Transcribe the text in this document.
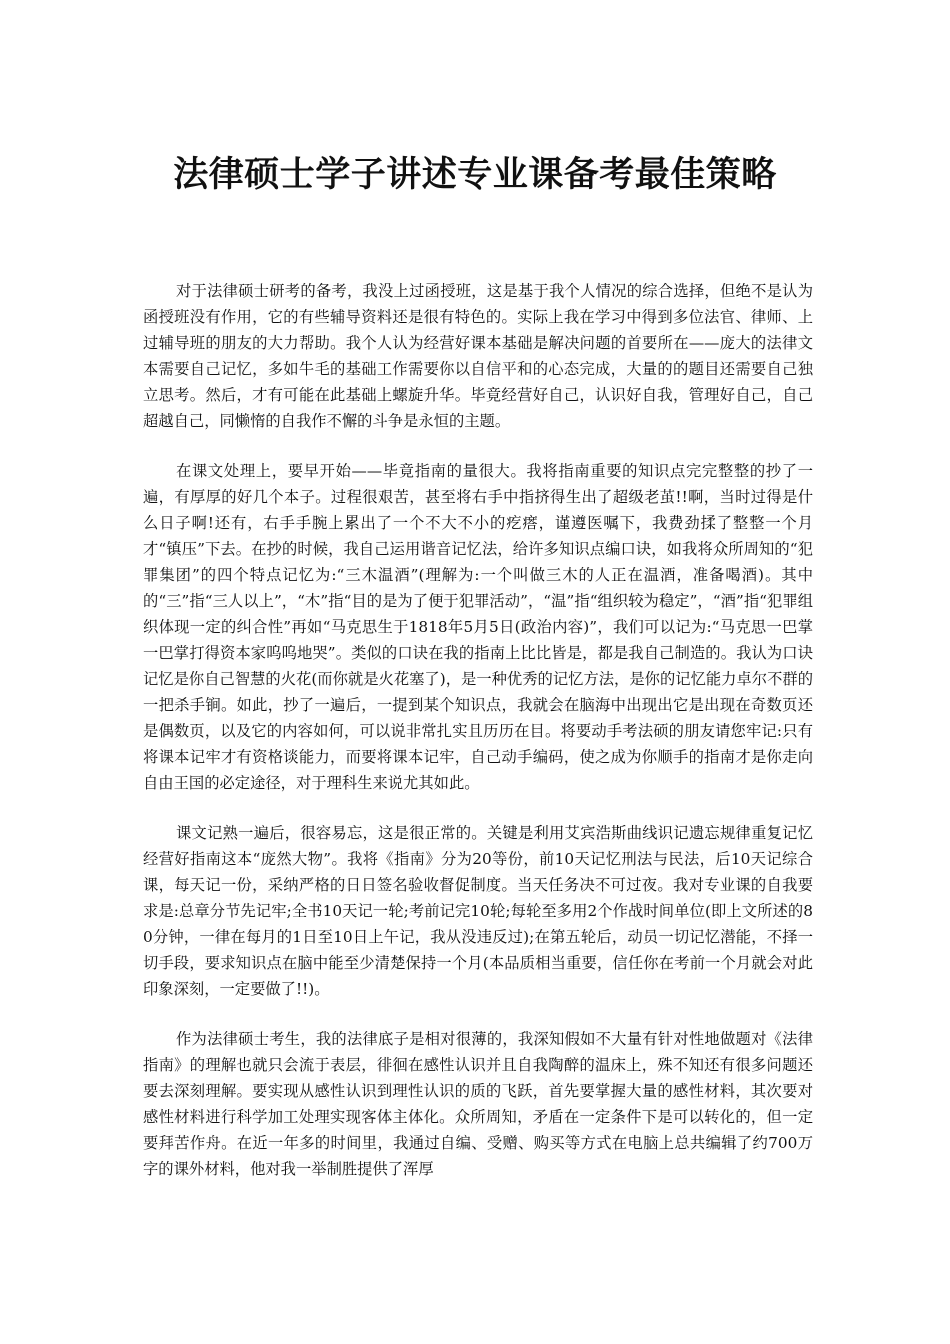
法律硕士学子讲述专业课备考最佳策略

对于法律硕士研考的备考，我没上过函授班，这是基于我个人情况的综合选择，但绝不是认为函授班没有作用，它的有些辅导资料还是很有特色的。实际上我在学习中得到多位法官、律师、上过辅导班的朋友的大力帮助。我个人认为经营好课本基础是解决问题的首要所在——庞大的法律文本需要自己记忆，多如牛毛的基础工作需要你以自信平和的心态完成，大量的的题目还需要自己独立思考。然后，才有可能在此基础上螺旋升华。毕竟经营好自己，认识好自我，管理好自己，自己超越自己，同懒惰的自我作不懈的斗争是永恒的主题。

在课文处理上，要早开始——毕竟指南的量很大。我将指南重要的知识点完完整整的抄了一遍，有厚厚的好几个本子。过程很艰苦，甚至将右手中指挤得生出了超级老茧!!啊，当时过得是什么日子啊!还有，右手手腕上累出了一个不大不小的疙瘩，谨遵医嘱下，我费劲揉了整整一个月才“镇压”下去。在抄的时候，我自己运用谐音记忆法，给许多知识点编口诀，如我将众所周知的“犯罪集团”的四个特点记忆为:“三木温酒”(理解为:一个叫做三木的人正在温酒，准备喝酒)。其中的“三”指“三人以上”，“木”指“目的是为了便于犯罪活动”，“温”指“组织较为稳定”，“酒”指“犯罪组织体现一定的纠合性”再如“马克思生于1818年5月5日(政治内容)”，我们可以记为:“马克思一巴掌一巴掌打得资本家呜呜地哭”。类似的口诀在我的指南上比比皆是，都是我自己制造的。我认为口诀记忆是你自己智慧的火花(而你就是火花塞了)，是一种优秀的记忆方法，是你的记忆能力卓尔不群的一把杀手锏。如此，抄了一遍后，一提到某个知识点，我就会在脑海中出现出它是出现在奇数页还是偶数页，以及它的内容如何，可以说非常扎实且历历在目。将要动手考法硕的朋友请您牢记:只有将课本记牢才有资格谈能力，而要将课本记牢，自己动手编码，使之成为你顺手的指南才是你走向自由王国的必定途径，对于理科生来说尤其如此。

课文记熟一遍后，很容易忘，这是很正常的。关键是利用艾宾浩斯曲线识记遗忘规律重复记忆经营好指南这本“庞然大物”。我将《指南》分为20等份，前10天记忆刑法与民法，后10天记综合课，每天记一份，采纳严格的日日签名验收督促制度。当天任务决不可过夜。我对专业课的自我要求是:总章分节先记牢;全书10天记一轮;考前记完10轮;每轮至多用2个作战时间单位(即上文所述的80分钟，一律在每月的1日至10日上午记，我从没违反过);在第五轮后，动员一切记忆潜能，不择一切手段，要求知识点在脑中能至少清楚保持一个月(本品质相当重要，信任你在考前一个月就会对此印象深刻，一定要做了!!)。

作为法律硕士考生，我的法律底子是相对很薄的，我深知假如不大量有针对性地做题对《法律指南》的理解也就只会流于表层，徘徊在感性认识并且自我陶醉的温床上，殊不知还有很多问题还要去深刻理解。要实现从感性认识到理性认识的质的飞跃，首先要掌握大量的感性材料，其次要对感性材料进行科学加工处理实现客体主体化。众所周知，矛盾在一定条件下是可以转化的，但一定要拜苦作舟。在近一年多的时间里，我通过自编、受赠、购买等方式在电脑上总共编辑了约700万字的课外材料，他对我一举制胜提供了浑厚
